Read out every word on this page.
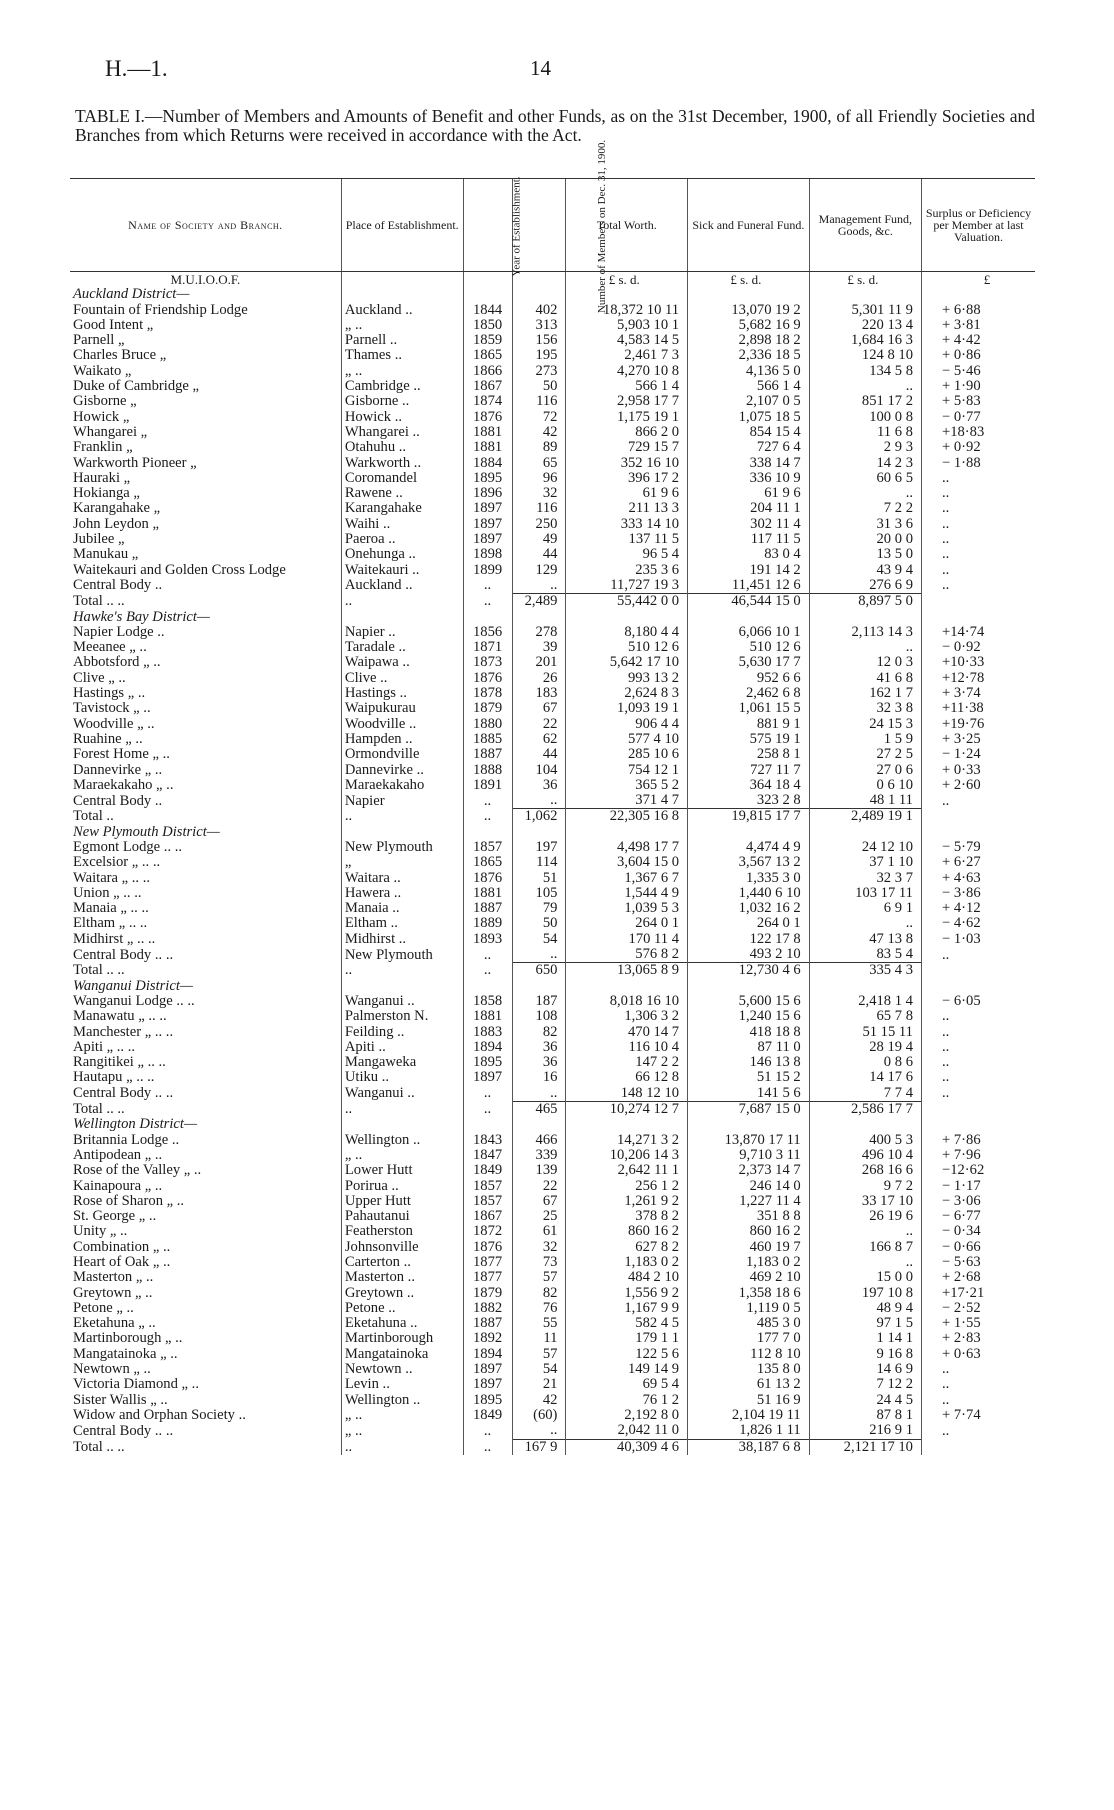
H.—1.	14
TABLE I.—Number of Members and Amounts of Benefit and other Funds, as on the 31st December, 1900, of all Friendly Societies and Branches from which Returns were received in accordance with the Act.
Name of Society and Branch.	Place of Establishment.	Year of Establishment.	Number of Members on Dec. 31, 1900.	Total Worth.	Sick and Funeral Fund.	Management Fund, Goods, &c.	Surplus or Deficiency per Member at last Valuation.
M.U.I.O.O.F.				£ s. d.	£ s. d.	£ s. d.	£
Auckland District—							
Fountain of Friendship Lodge	Auckland ..	1844	402	18,372 10 11	13,070 19 2	5,301 11 9	+ 6·88
Good Intent „	„ ..	1850	313	5,903 10 1	5,682 16 9	220 13 4	+ 3·81
Parnell „	Parnell ..	1859	156	4,583 14 5	2,898 18 2	1,684 16 3	+ 4·42
Charles Bruce „	Thames ..	1865	195	2,461 7 3	2,336 18 5	124 8 10	+ 0·86
Waikato „	„ ..	1866	273	4,270 10 8	4,136 5 0	134 5 8	− 5·46
Duke of Cambridge „	Cambridge ..	1867	50	566 1 4	566 1 4	..	+ 1·90
Gisborne „	Gisborne ..	1874	116	2,958 17 7	2,107 0 5	851 17 2	+ 5·83
Howick „	Howick ..	1876	72	1,175 19 1	1,075 18 5	100 0 8	− 0·77
Whangarei „	Whangarei ..	1881	42	866 2 0	854 15 4	11 6 8	+18·83
Franklin „	Otahuhu ..	1881	89	729 15 7	727 6 4	2 9 3	+ 0·92
Warkworth Pioneer „	Warkworth ..	1884	65	352 16 10	338 14 7	14 2 3	− 1·88
Hauraki „	Coromandel	1895	96	396 17 2	336 10 9	60 6 5	..
Hokianga „	Rawene ..	1896	32	61 9 6	61 9 6	..	..
Karangahake „	Karangahake	1897	116	211 13 3	204 11 1	7 2 2	..
John Leydon „	Waihi ..	1897	250	333 14 10	302 11 4	31 3 6	..
Jubilee „	Paeroa ..	1897	49	137 11 5	117 11 5	20 0 0	..
Manukau „	Onehunga ..	1898	44	96 5 4	83 0 4	13 5 0	..
Waitekauri and Golden Cross Lodge	Waitekauri ..	1899	129	235 3 6	191 14 2	43 9 4	..
Central Body ..	Auckland ..	..	..	11,727 19 3	11,451 12 6	276 6 9	..
Total .. ..	..	..	2,489	55,442 0 0	46,544 15 0	8,897 5 0	
Hawke's Bay District—							
Napier Lodge ..	Napier ..	1856	278	8,180 4 4	6,066 10 1	2,113 14 3	+14·74
Meeanee „ ..	Taradale ..	1871	39	510 12 6	510 12 6	..	− 0·92
Abbotsford „ ..	Waipawa ..	1873	201	5,642 17 10	5,630 17 7	12 0 3	+10·33
Clive „ ..	Clive ..	1876	26	993 13 2	952 6 6	41 6 8	+12·78
Hastings „ ..	Hastings ..	1878	183	2,624 8 3	2,462 6 8	162 1 7	+ 3·74
Tavistock „ ..	Waipukurau	1879	67	1,093 19 1	1,061 15 5	32 3 8	+11·38
Woodville „ ..	Woodville ..	1880	22	906 4 4	881 9 1	24 15 3	+19·76
Ruahine „ ..	Hampden ..	1885	62	577 4 10	575 19 1	1 5 9	+ 3·25
Forest Home „ ..	Ormondville	1887	44	285 10 6	258 8 1	27 2 5	− 1·24
Dannevirke „ ..	Dannevirke ..	1888	104	754 12 1	727 11 7	27 0 6	+ 0·33
Maraekakaho „ ..	Maraekakaho	1891	36	365 5 2	364 18 4	0 6 10	+ 2·60
Central Body ..	Napier	..	..	371 4 7	323 2 8	48 1 11	..
Total ..	..	..	1,062	22,305 16 8	19,815 17 7	2,489 19 1	
New Plymouth District—							
Egmont Lodge .. ..	New Plymouth	1857	197	4,498 17 7	4,474 4 9	24 12 10	− 5·79
Excelsior „ .. ..	„	1865	114	3,604 15 0	3,567 13 2	37 1 10	+ 6·27
Waitara „ .. ..	Waitara ..	1876	51	1,367 6 7	1,335 3 0	32 3 7	+ 4·63
Union „ .. ..	Hawera ..	1881	105	1,544 4 9	1,440 6 10	103 17 11	− 3·86
Manaia „ .. ..	Manaia ..	1887	79	1,039 5 3	1,032 16 2	6 9 1	+ 4·12
Eltham „ .. ..	Eltham ..	1889	50	264 0 1	264 0 1	..	− 4·62
Midhirst „ .. ..	Midhirst ..	1893	54	170 11 4	122 17 8	47 13 8	− 1·03
Central Body .. ..	New Plymouth	..	..	576 8 2	493 2 10	83 5 4	..
Total .. ..	..	..	650	13,065 8 9	12,730 4 6	335 4 3	
Wanganui District—							
Wanganui Lodge .. ..	Wanganui ..	1858	187	8,018 16 10	5,600 15 6	2,418 1 4	− 6·05
Manawatu „ .. ..	Palmerston N.	1881	108	1,306 3 2	1,240 15 6	65 7 8	..
Manchester „ .. ..	Feilding ..	1883	82	470 14 7	418 18 8	51 15 11	..
Apiti „ .. ..	Apiti ..	1894	36	116 10 4	87 11 0	28 19 4	..
Rangitikei „ .. ..	Mangaweka	1895	36	147 2 2	146 13 8	0 8 6	..
Hautapu „ .. ..	Utiku ..	1897	16	66 12 8	51 15 2	14 17 6	..
Central Body .. ..	Wanganui ..	..	..	148 12 10	141 5 6	7 7 4	..
Total .. ..	..	..	465	10,274 12 7	7,687 15 0	2,586 17 7	
Wellington District—							
Britannia Lodge ..	Wellington ..	1843	466	14,271 3 2	13,870 17 11	400 5 3	+ 7·86
Antipodean „ ..	„ ..	1847	339	10,206 14 3	9,710 3 11	496 10 4	+ 7·96
Rose of the Valley „ ..	Lower Hutt	1849	139	2,642 11 1	2,373 14 7	268 16 6	−12·62
Kainapoura „ ..	Porirua ..	1857	22	256 1 2	246 14 0	9 7 2	− 1·17
Rose of Sharon „ ..	Upper Hutt	1857	67	1,261 9 2	1,227 11 4	33 17 10	− 3·06
St. George „ ..	Pahautanui	1867	25	378 8 2	351 8 8	26 19 6	− 6·77
Unity „ ..	Featherston	1872	61	860 16 2	860 16 2	..	− 0·34
Combination „ ..	Johnsonville	1876	32	627 8 2	460 19 7	166 8 7	− 0·66
Heart of Oak „ ..	Carterton ..	1877	73	1,183 0 2	1,183 0 2	..	− 5·63
Masterton „ ..	Masterton ..	1877	57	484 2 10	469 2 10	15 0 0	+ 2·68
Greytown „ ..	Greytown ..	1879	82	1,556 9 2	1,358 18 6	197 10 8	+17·21
Petone „ ..	Petone ..	1882	76	1,167 9 9	1,119 0 5	48 9 4	− 2·52
Eketahuna „ ..	Eketahuna ..	1887	55	582 4 5	485 3 0	97 1 5	+ 1·55
Martinborough „ ..	Martinborough	1892	11	179 1 1	177 7 0	1 14 1	+ 2·83
Mangatainoka „ ..	Mangatainoka	1894	57	122 5 6	112 8 10	9 16 8	+ 0·63
Newtown „ ..	Newtown ..	1897	54	149 14 9	135 8 0	14 6 9	..
Victoria Diamond „ ..	Levin ..	1897	21	69 5 4	61 13 2	7 12 2	..
Sister Wallis „ ..	Wellington ..	1895	42	76 1 2	51 16 9	24 4 5	..
Widow and Orphan Society ..	„ ..	1849	(60)	2,192 8 0	2,104 19 11	87 8 1	+ 7·74
Central Body .. ..	„ ..	..	..	2,042 11 0	1,826 1 11	216 9 1	..
Total .. ..	..	..	167 9	40,309 4 6	38,187 6 8	2,121 17 10	
